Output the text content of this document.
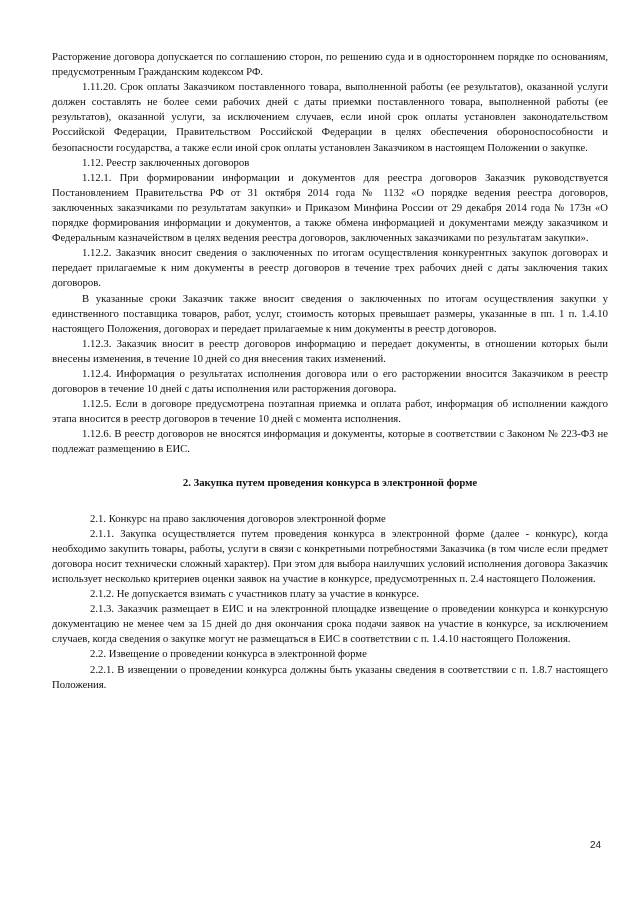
Расторжение договора допускается по соглашению сторон, по решению суда и в одностороннем порядке по основаниям, предусмотренным Гражданским кодексом РФ.

1.11.20. Срок оплаты Заказчиком поставленного товара, выполненной работы (ее результатов), оказанной услуги должен составлять не более семи рабочих дней с даты приемки поставленного товара, выполненной работы (ее результатов), оказанной услуги, за исключением случаев, если иной срок оплаты установлен законодательством Российской Федерации, Правительством Российской Федерации в целях обеспечения обороноспособности и безопасности государства, а также если иной срок оплаты установлен Заказчиком в настоящем Положении о закупке.

1.12. Реестр заключенных договоров

1.12.1. При формировании информации и документов для реестра договоров Заказчик руководствуется Постановлением Правительства РФ от 31 октября 2014 года № 1132 «О порядке ведения реестра договоров, заключенных заказчиками по результатам закупки» и Приказом Минфина России от 29 декабря 2014 года № 173н «О порядке формирования информации и документов, а также обмена информацией и документами между заказчиком и Федеральным казначейством в целях ведения реестра договоров, заключенных заказчиками по результатам закупки».

1.12.2. Заказчик вносит сведения о заключенных по итогам осуществления конкурентных закупок договорах и передает прилагаемые к ним документы в реестр договоров в течение трех рабочих дней с даты заключения таких договоров.

В указанные сроки Заказчик также вносит сведения о заключенных по итогам осуществления закупки у единственного поставщика товаров, работ, услуг, стоимость которых превышает размеры, указанные в пп. 1 п. 1.4.10 настоящего Положения, договорах и передает прилагаемые к ним документы в реестр договоров.

1.12.3. Заказчик вносит в реестр договоров информацию и передает документы, в отношении которых были внесены изменения, в течение 10 дней со дня внесения таких изменений.

1.12.4. Информация о результатах исполнения договора или о его расторжении вносится Заказчиком в реестр договоров в течение 10 дней с даты исполнения или расторжения договора.

1.12.5. Если в договоре предусмотрена поэтапная приемка и оплата работ, информация об исполнении каждого этапа вносится в реестр договоров в течение 10 дней с момента исполнения.

1.12.6. В реестр договоров не вносятся информация и документы, которые в соответствии с Законом № 223-ФЗ не подлежат размещению в ЕИС.

2. Закупка путем проведения конкурса в электронной форме

2.1. Конкурс на право заключения договоров электронной форме

2.1.1. Закупка осуществляется путем проведения конкурса в электронной форме (далее - конкурс), когда необходимо закупить товары, работы, услуги в связи с конкретными потребностями Заказчика (в том числе если предмет договора носит технически сложный характер). При этом для выбора наилучших условий исполнения договора Заказчик использует несколько критериев оценки заявок на участие в конкурсе, предусмотренных п. 2.4 настоящего Положения.

2.1.2. Не допускается взимать с участников плату за участие в конкурсе.

2.1.3. Заказчик размещает в ЕИС и на электронной площадке извещение о проведении конкурса и конкурсную документацию не менее чем за 15 дней до дня окончания срока подачи заявок на участие в конкурсе, за исключением случаев, когда сведения о закупке могут не размещаться в ЕИС в соответствии с п. 1.4.10 настоящего Положения.

2.2. Извещение о проведении конкурса в электронной форме

2.2.1. В извещении о проведении конкурса должны быть указаны сведения в соответствии с п. 1.8.7 настоящего Положения.

24
